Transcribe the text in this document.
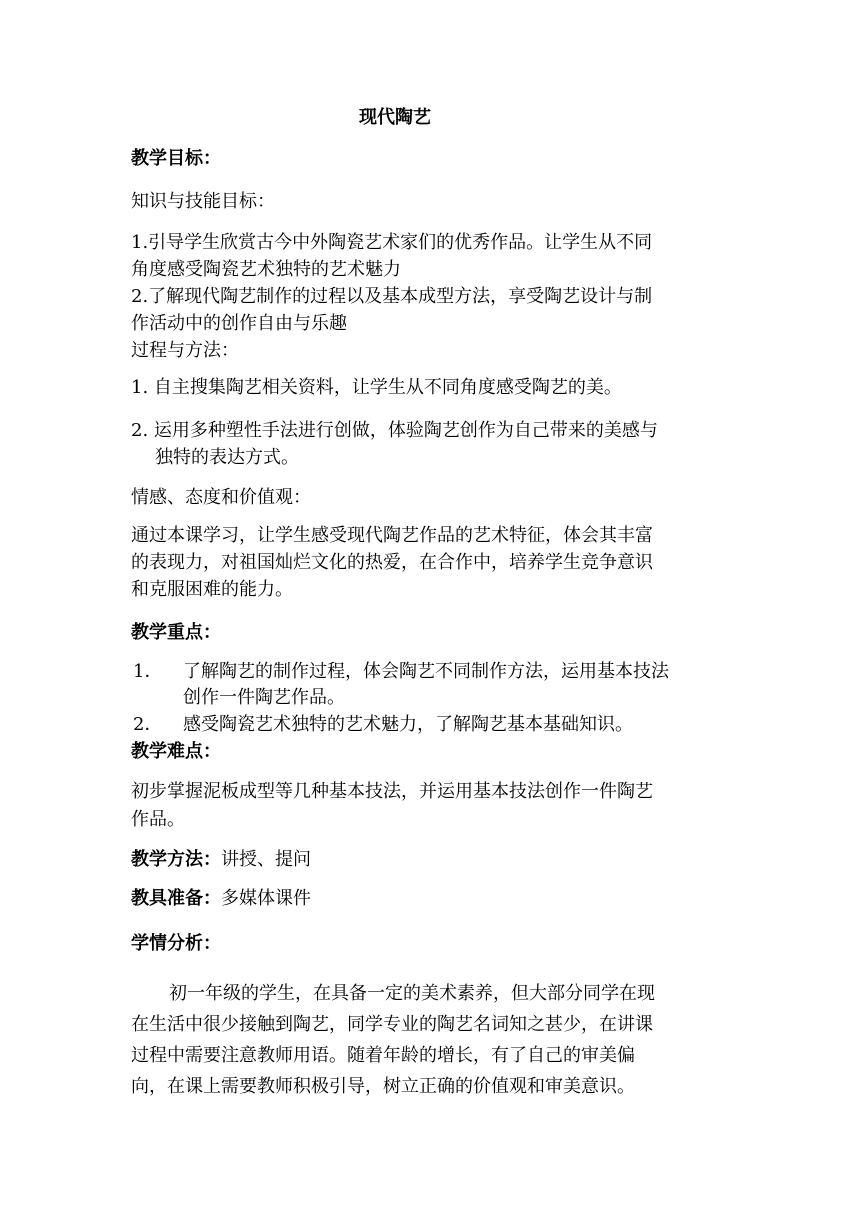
现代陶艺
教学目标：
知识与技能目标：
1.引导学生欣赏古今中外陶瓷艺术家们的优秀作品。让学生从不同
角度感受陶瓷艺术独特的艺术魅力
2.了解现代陶艺制作的过程以及基本成型方法，享受陶艺设计与制
作活动中的创作自由与乐趣
过程与方法：
1. 自主搜集陶艺相关资料，让学生从不同角度感受陶艺的美。
2. 运用多种塑性手法进行创做，体验陶艺创作为自己带来的美感与
独特的表达方式。
情感、态度和价值观：
通过本课学习，让学生感受现代陶艺作品的艺术特征，体会其丰富
的表现力，对祖国灿烂文化的热爱，在合作中，培养学生竞争意识
和克服困难的能力。
教学重点：
1． 了解陶艺的制作过程，体会陶艺不同制作方法，运用基本技法
创作一件陶艺作品。
2． 感受陶瓷艺术独特的艺术魅力，了解陶艺基本基础知识。
教学难点：
初步掌握泥板成型等几种基本技法，并运用基本技法创作一件陶艺
作品。
教学方法：讲授、提问
教具准备：多媒体课件
学情分析：
初一年级的学生，在具备一定的美术素养，但大部分同学在现
在生活中很少接触到陶艺，同学专业的陶艺名词知之甚少，在讲课
过程中需要注意教师用语。随着年龄的增长，有了自己的审美偏
向，在课上需要教师积极引导，树立正确的价值观和审美意识。
